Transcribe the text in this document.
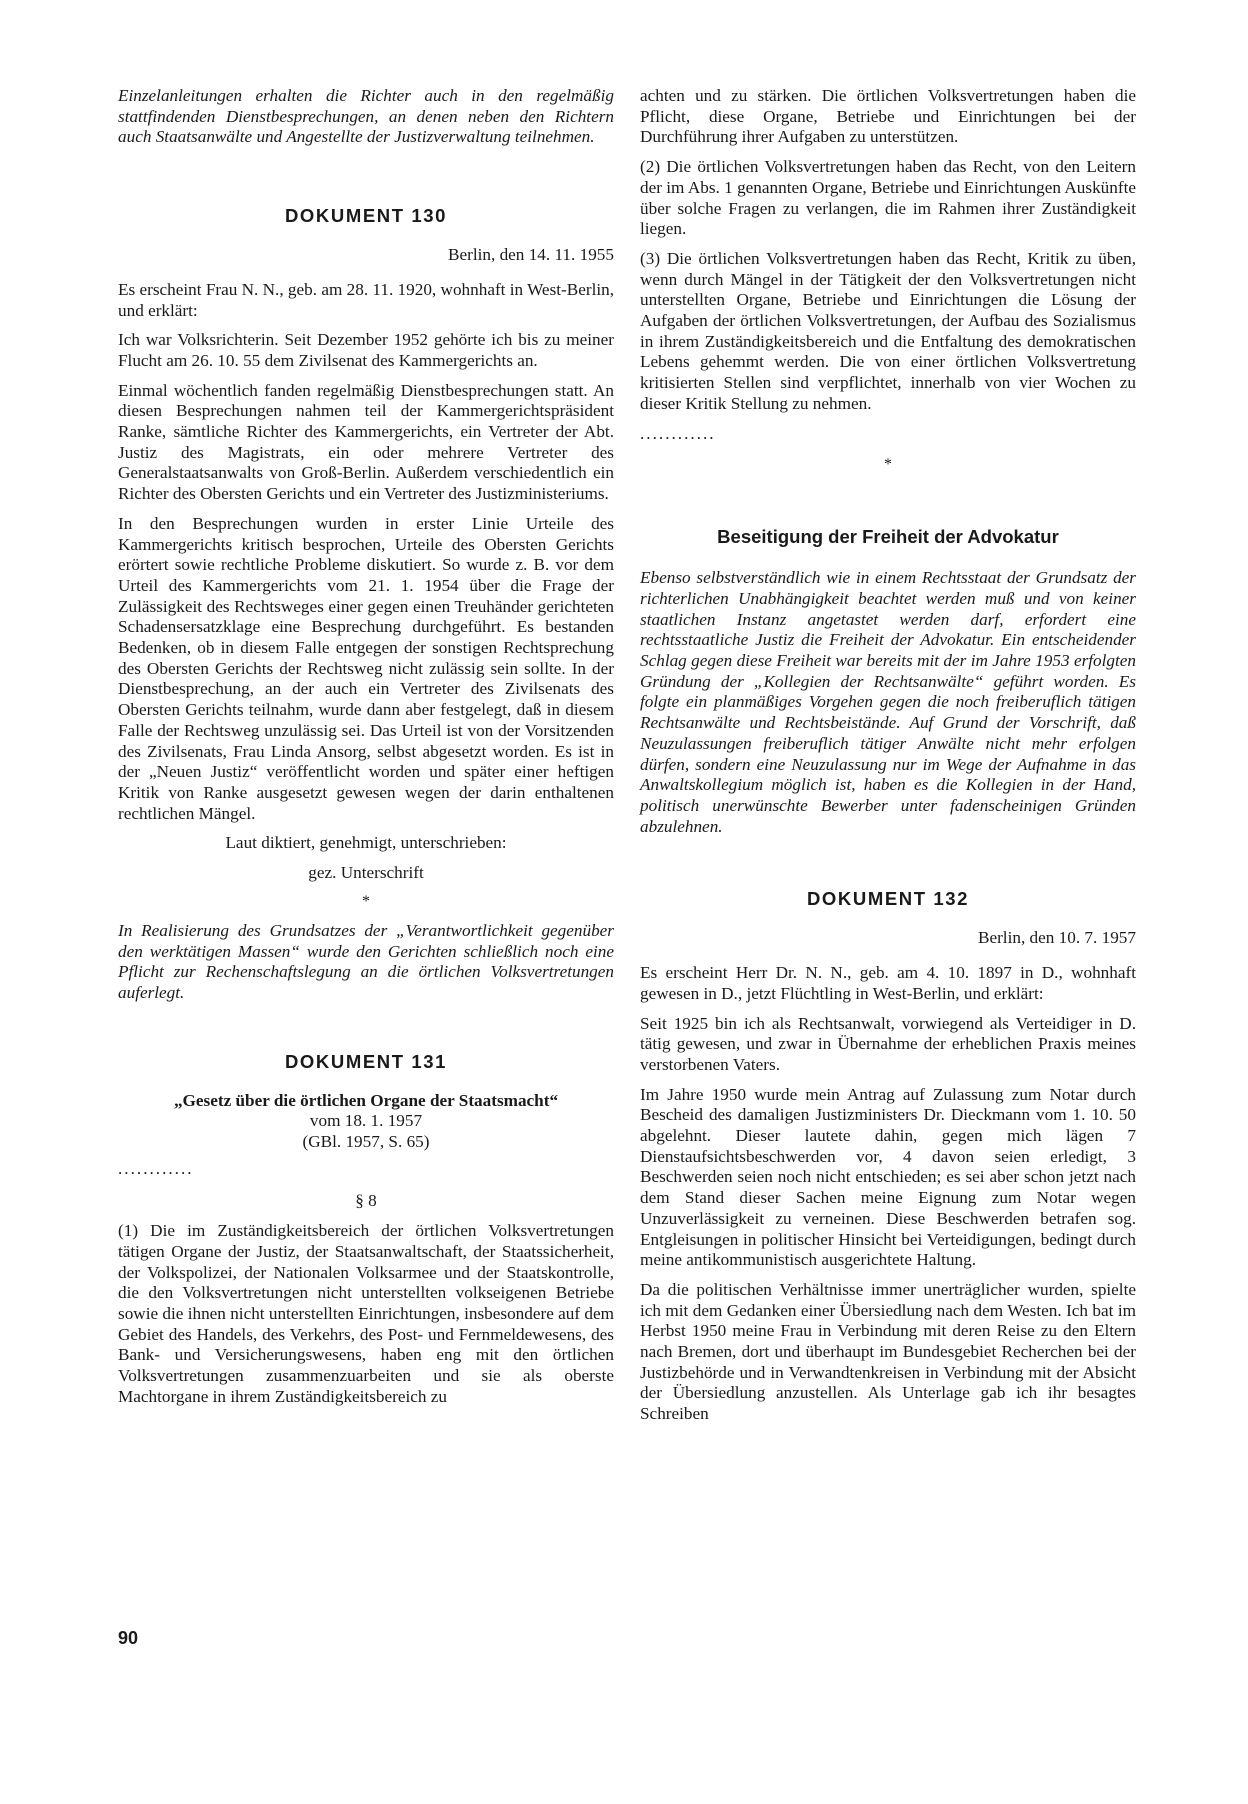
Einzelanleitungen erhalten die Richter auch in den regelmäßig stattfindenden Dienstbesprechungen, an denen neben den Richtern auch Staatsanwälte und Angestellte der Justizverwaltung teilnehmen.

DOKUMENT 130

Berlin, den 14. 11. 1955

Es erscheint Frau N. N., geb. am 28. 11. 1920, wohnhaft in West-Berlin, und erklärt:

Ich war Volksrichterin. Seit Dezember 1952 gehörte ich bis zu meiner Flucht am 26. 10. 55 dem Zivilsenat des Kammergerichts an.

Einmal wöchentlich fanden regelmäßig Dienstbesprechungen statt. An diesen Besprechungen nahmen teil der Kammergerichtspräsident Ranke, sämtliche Richter des Kammergerichts, ein Vertreter der Abt. Justiz des Magistrats, ein oder mehrere Vertreter des Generalstaatsanwalts von Groß-Berlin. Außerdem verschiedentlich ein Richter des Obersten Gerichts und ein Vertreter des Justizministeriums.

In den Besprechungen wurden in erster Linie Urteile des Kammergerichts kritisch besprochen, Urteile des Obersten Gerichts erörtert sowie rechtliche Probleme diskutiert. So wurde z. B. vor dem Urteil des Kammergerichts vom 21. 1. 1954 über die Frage der Zulässigkeit des Rechtsweges einer gegen einen Treuhänder gerichteten Schadensersatzklage eine Besprechung durchgeführt. Es bestanden Bedenken, ob in diesem Falle entgegen der sonstigen Rechtsprechung des Obersten Gerichts der Rechtsweg nicht zulässig sein sollte. In der Dienstbesprechung, an der auch ein Vertreter des Zivilsenats des Obersten Gerichts teilnahm, wurde dann aber festgelegt, daß in diesem Falle der Rechtsweg unzulässig sei. Das Urteil ist von der Vorsitzenden des Zivilsenats, Frau Linda Ansorg, selbst abgesetzt worden. Es ist in der „Neuen Justiz“ veröffentlicht worden und später einer heftigen Kritik von Ranke ausgesetzt gewesen wegen der darin enthaltenen rechtlichen Mängel.

Laut diktiert, genehmigt, unterschrieben:

gez. Unterschrift

*

In Realisierung des Grundsatzes der „Verantwortlichkeit gegenüber den werktätigen Massen“ wurde den Gerichten schließlich noch eine Pflicht zur Rechenschaftslegung an die örtlichen Volksvertretungen auferlegt.

DOKUMENT 131

„Gesetz über die örtlichen Organe der Staatsmacht“

vom 18. 1. 1957

(GBl. 1957, S. 65)

............

§ 8

(1) Die im Zuständigkeitsbereich der örtlichen Volksvertretungen tätigen Organe der Justiz, der Staatsanwaltschaft, der Staatssicherheit, der Volkspolizei, der Nationalen Volksarmee und der Staatskontrolle, die den Volksvertretungen nicht unterstellten volkseigenen Betriebe sowie die ihnen nicht unterstellten Einrichtungen, insbesondere auf dem Gebiet des Handels, des Verkehrs, des Post- und Fernmeldewesens, des Bank- und Versicherungswesens, haben eng mit den örtlichen Volksvertretungen zusammenzuarbeiten und sie als oberste Machtorgane in ihrem Zuständigkeitsbereich zu

achten und zu stärken. Die örtlichen Volksvertretungen haben die Pflicht, diese Organe, Betriebe und Einrichtungen bei der Durchführung ihrer Aufgaben zu unterstützen.

(2) Die örtlichen Volksvertretungen haben das Recht, von den Leitern der im Abs. 1 genannten Organe, Betriebe und Einrichtungen Auskünfte über solche Fragen zu verlangen, die im Rahmen ihrer Zuständigkeit liegen.

(3) Die örtlichen Volksvertretungen haben das Recht, Kritik zu üben, wenn durch Mängel in der Tätigkeit der den Volksvertretungen nicht unterstellten Organe, Betriebe und Einrichtungen die Lösung der Aufgaben der örtlichen Volksvertretungen, der Aufbau des Sozialismus in ihrem Zuständigkeitsbereich und die Entfaltung des demokratischen Lebens gehemmt werden. Die von einer örtlichen Volksvertretung kritisierten Stellen sind verpflichtet, innerhalb von vier Wochen zu dieser Kritik Stellung zu nehmen.

............

*
Beseitigung der Freiheit der Advokatur

Ebenso selbstverständlich wie in einem Rechtsstaat der Grundsatz der richterlichen Unabhängigkeit beachtet werden muß und von keiner staatlichen Instanz angetastet werden darf, erfordert eine rechtsstaatliche Justiz die Freiheit der Advokatur. Ein entscheidender Schlag gegen diese Freiheit war bereits mit der im Jahre 1953 erfolgten Gründung der „Kollegien der Rechtsanwälte“ geführt worden. Es folgte ein planmäßiges Vorgehen gegen die noch freiberuflich tätigen Rechtsanwälte und Rechtsbeistände. Auf Grund der Vorschrift, daß Neuzulassungen freiberuflich tätiger Anwälte nicht mehr erfolgen dürfen, sondern eine Neuzulassung nur im Wege der Aufnahme in das Anwaltskollegium möglich ist, haben es die Kollegien in der Hand, politisch unerwünschte Bewerber unter fadenscheinigen Gründen abzulehnen.

DOKUMENT 132

Berlin, den 10. 7. 1957

Es erscheint Herr Dr. N. N., geb. am 4. 10. 1897 in D., wohnhaft gewesen in D., jetzt Flüchtling in West-Berlin, und erklärt:

Seit 1925 bin ich als Rechtsanwalt, vorwiegend als Verteidiger in D. tätig gewesen, und zwar in Übernahme der erheblichen Praxis meines verstorbenen Vaters.

Im Jahre 1950 wurde mein Antrag auf Zulassung zum Notar durch Bescheid des damaligen Justizministers Dr. Dieckmann vom 1. 10. 50 abgelehnt. Dieser lautete dahin, gegen mich lägen 7 Dienstaufsichtsbeschwerden vor, 4 davon seien erledigt, 3 Beschwerden seien noch nicht entschieden; es sei aber schon jetzt nach dem Stand dieser Sachen meine Eignung zum Notar wegen Unzuverlässigkeit zu verneinen. Diese Beschwerden betrafen sog. Entgleisungen in politischer Hinsicht bei Verteidigungen, bedingt durch meine antikommunistisch ausgerichtete Haltung.

Da die politischen Verhältnisse immer unerträglicher wurden, spielte ich mit dem Gedanken einer Übersiedlung nach dem Westen. Ich bat im Herbst 1950 meine Frau in Verbindung mit deren Reise zu den Eltern nach Bremen, dort und überhaupt im Bundesgebiet Recherchen bei der Justizbehörde und in Verwandtenkreisen in Verbindung mit der Absicht der Übersiedlung anzustellen. Als Unterlage gab ich ihr besagtes Schreiben

90
